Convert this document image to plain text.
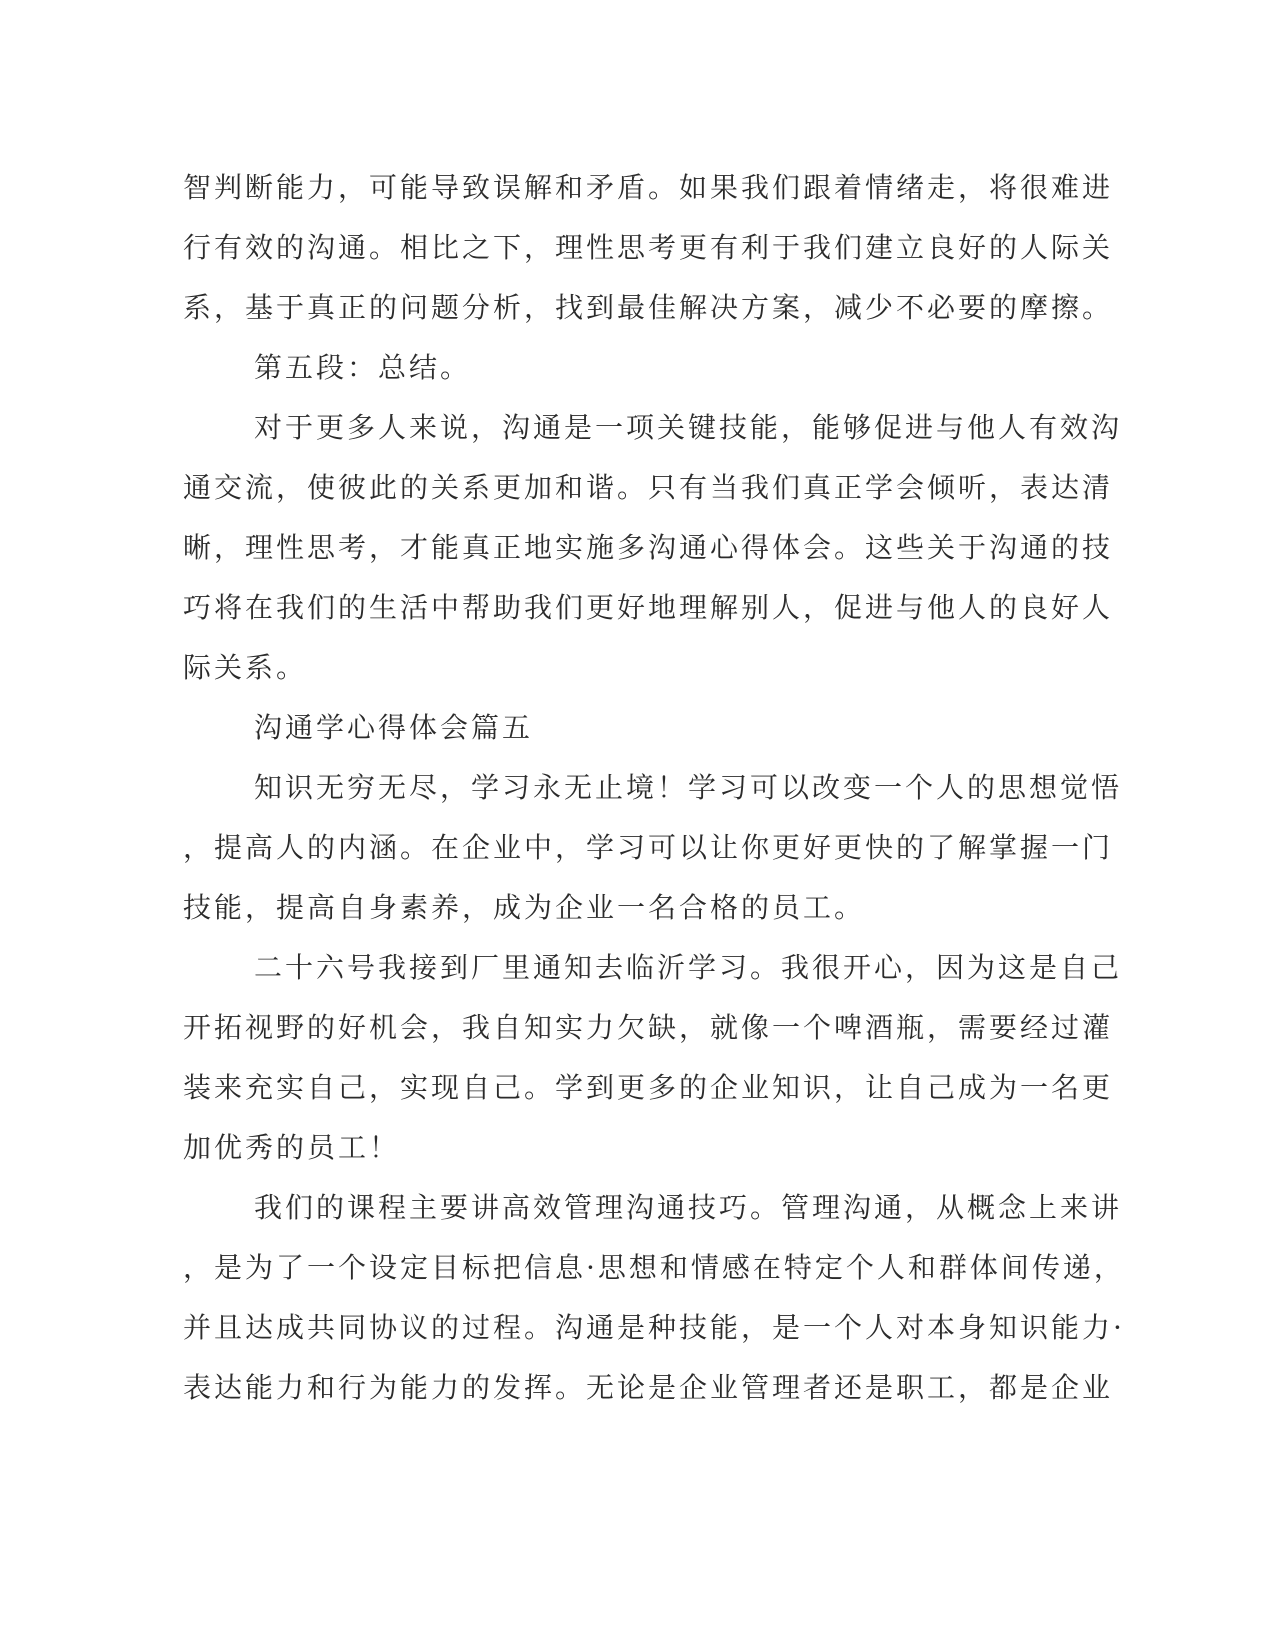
智判断能力，可能导致误解和矛盾。如果我们跟着情绪走，将很难进
行有效的沟通。相比之下，理性思考更有利于我们建立良好的人际关
系，基于真正的问题分析，找到最佳解决方案，减少不必要的摩擦。
第五段：总结。
对于更多人来说，沟通是一项关键技能，能够促进与他人有效沟
通交流，使彼此的关系更加和谐。只有当我们真正学会倾听，表达清
晰，理性思考，才能真正地实施多沟通心得体会。这些关于沟通的技
巧将在我们的生活中帮助我们更好地理解别人，促进与他人的良好人
际关系。
沟通学心得体会篇五
知识无穷无尽，学习永无止境！学习可以改变一个人的思想觉悟
，提高人的内涵。在企业中，学习可以让你更好更快的了解掌握一门
技能，提高自身素养，成为企业一名合格的员工。
二十六号我接到厂里通知去临沂学习。我很开心，因为这是自己
开拓视野的好机会，我自知实力欠缺，就像一个啤酒瓶，需要经过灌
装来充实自己，实现自己。学到更多的企业知识，让自己成为一名更
加优秀的员工！
我们的课程主要讲高效管理沟通技巧。管理沟通，从概念上来讲
，是为了一个设定目标把信息·思想和情感在特定个人和群体间传递，
并且达成共同协议的过程。沟通是种技能，是一个人对本身知识能力·
表达能力和行为能力的发挥。无论是企业管理者还是职工，都是企业
